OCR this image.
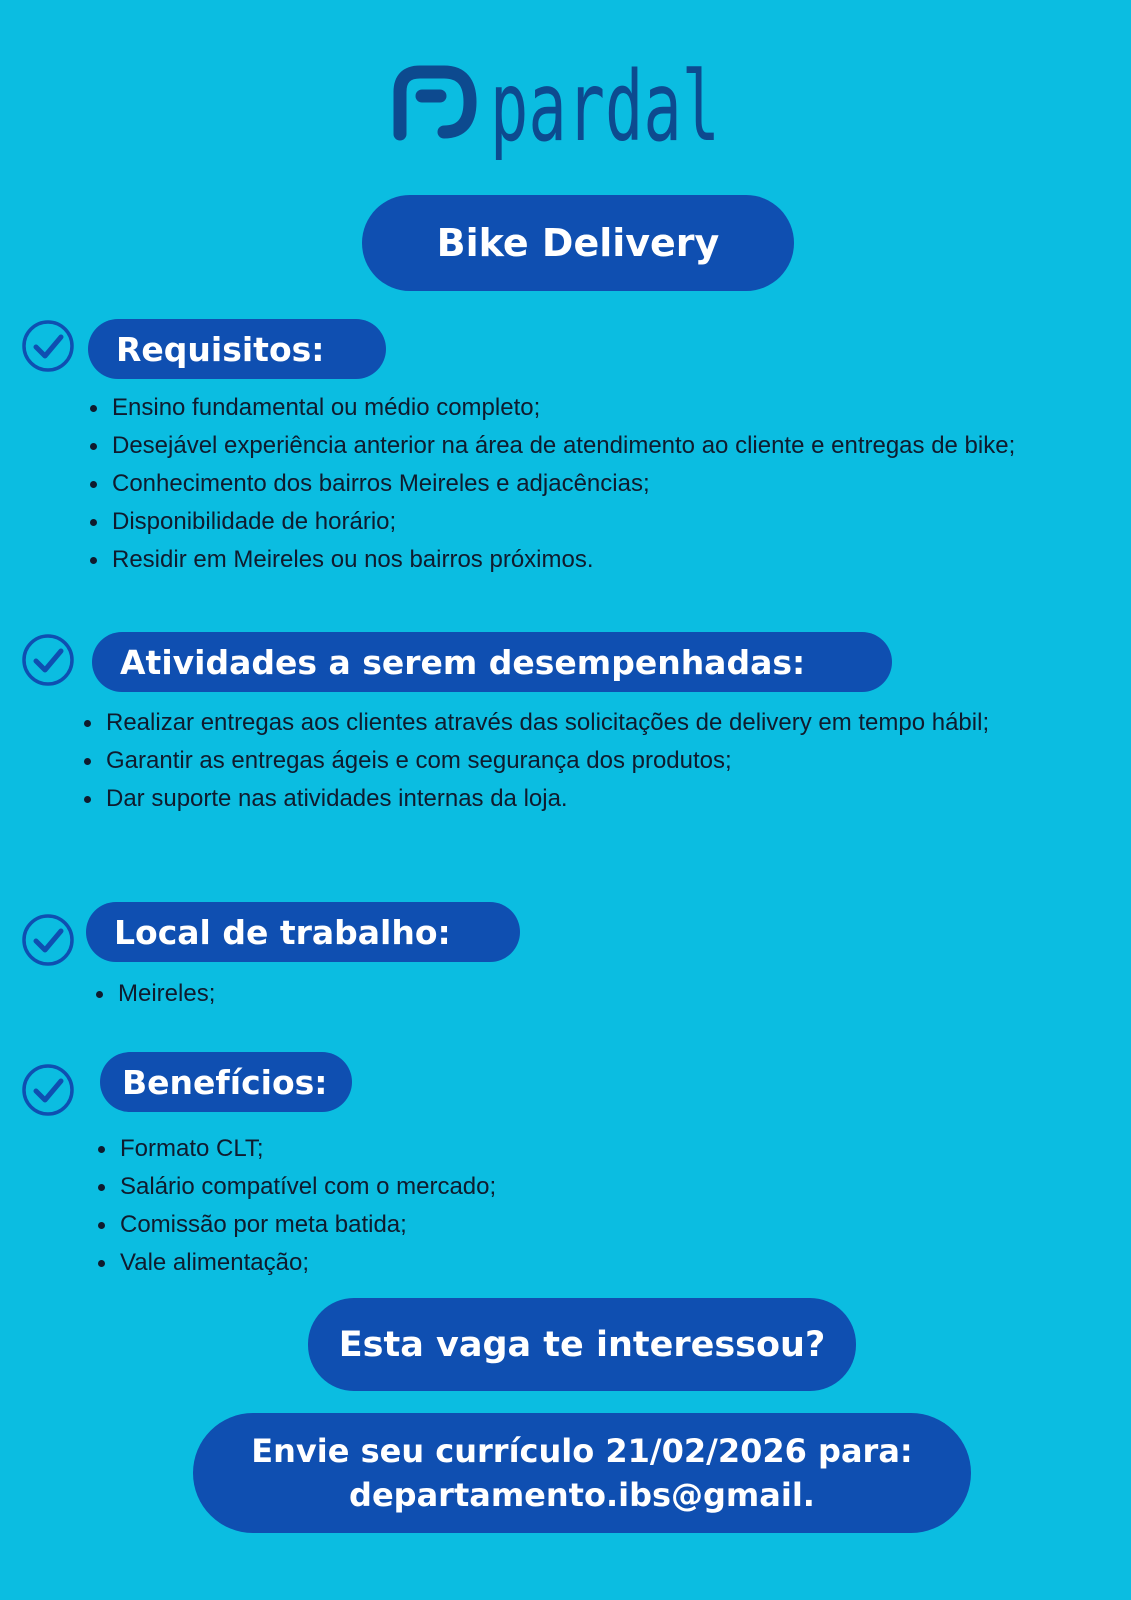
pardal
Bike Delivery
Requisitos:
Ensino fundamental ou médio completo;
Desejável experiência anterior na área de atendimento ao cliente e entregas de bike;
Conhecimento dos bairros Meireles e adjacências;
Disponibilidade de horário;
Residir em Meireles ou nos bairros próximos.
Atividades a serem desempenhadas:
Realizar entregas aos clientes através das solicitações de delivery em tempo hábil;
Garantir as entregas ágeis e com segurança dos produtos;
Dar suporte nas atividades internas da loja.
Local de trabalho:
Meireles;
Benefícios:
Formato CLT;
Salário compatível com o mercado;
Comissão por meta batida;
Vale alimentação;
Esta vaga te interessou?
Envie seu currículo 21/02/2026 para:
departamento.ibs@gmail.
